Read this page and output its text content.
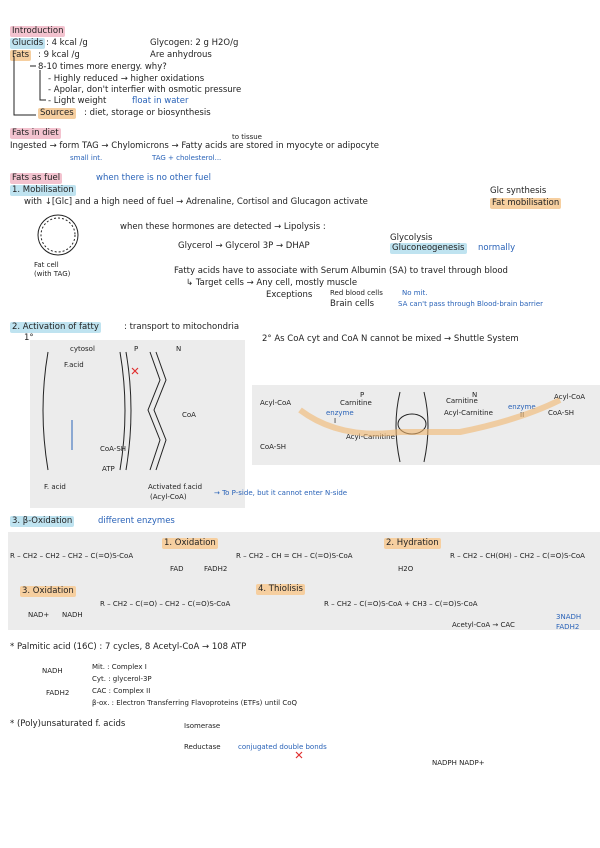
Introduction
Glucids : 4 kcal /g	Glycogen: 2 g H2O/g
Fats : 9 kcal /g	Are anhydrous
8-10 times more energy. why?
- Highly reduced → higher oxidations
- Apolar, don't interfier with osmotic pressure
- Light weight	float in water
Sources : diet, storage or biosynthesis
Fats in diet	to tissue
Ingested → form TAG → Chylomicrons → Fatty acids are stored in myocyte or adipocyte
small int.	TAG + cholesterol...
Fats as fuel	when there is no other fuel
1. Mobilisation	Glc synthesis
with ↓[Glc] and a high need of fuel → Adrenaline, Cortisol and Glucagon activate	Fat mobilisation
when these hormones are detected → Lipolysis :
Glycolysis
Glycerol → Glycerol 3P → DHAP	Gluconeogenesis normally
Fat cell
(with TAG)	Fatty acids have to associate with Serum Albumin (SA) to travel through blood
↳ Target cells → Any cell, mostly muscle
Red blood cells	No mit.
Exceptions
Brain cells	SA can't pass through Blood-brain barrier
2. Activation of fatty	: transport to mitochondria
1°	2° As CoA cyt and CoA N cannot be mixed → Shuttle System
cytosol	P	N
F.acid
CoA
CoA-SH
ATP
F. acid	Activated f.acid
(Acyl-CoA)	→ To P-side, but it cannot enter N-side
P	N
enzyme
II
Acyl-CoA	Carnitine	Carnitine	Acyl-CoA
enzyme
I
Acyl-Carnitine	CoA-SH
Acyl-Carnitine
CoA-SH
3. β-Oxidation	different enzymes
1. Oxidation	2. Hydration
R – CH2 – CH2 – CH2 – C(=O)S-CoA	R – CH2 – CH = CH – C(=O)S-CoA	R – CH2 – CH(OH) – CH2 – C(=O)S-CoA
FAD	FADH2	H2O
3. Oxidation	4. Thiolisis
R – CH2 – C(=O) – CH2 – C(=O)S-CoA	R – CH2 – C(=O)S-CoA + CH3 – C(=O)S-CoA
NAD+ NADH
Acetyl-CoA → CAC
3NADH
FADH2
* Palmitic acid (16C) : 7 cycles, 8 Acetyl-CoA → 108 ATP
NADH
FADH2
Mit. : Complex I
Cyt. : glycerol-3P
CAC : Complex II
β-ox. : Electron Transferring Flavoproteins (ETFs) until CoQ
* (Poly)unsaturated f. acids	Isomerase
Reductase conjugated double bonds
NADPH NADP+
